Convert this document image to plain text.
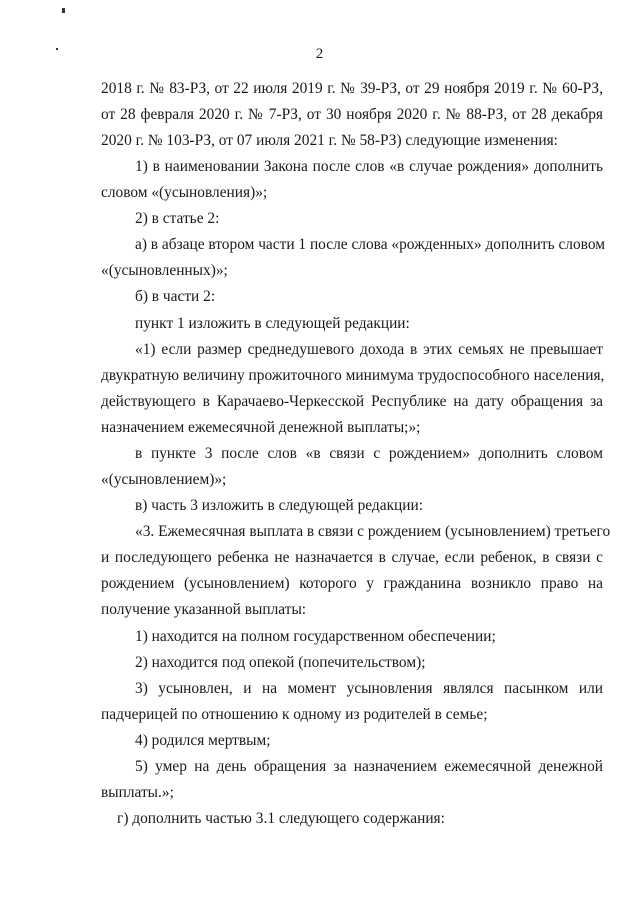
2
2018 г. № 83-РЗ, от 22 июля 2019 г. № 39-РЗ, от 29 ноября 2019 г. № 60-РЗ,
от 28 февраля 2020 г. № 7-РЗ, от 30 ноября 2020 г. № 88-РЗ, от 28 декабря
2020 г. № 103-РЗ, от 07 июля 2021 г. № 58-РЗ) следующие изменения:
1) в наименовании Закона после слов «в случае рождения» дополнить
словом «(усыновления)»;
2) в статье 2:
а) в абзаце втором части 1 после слова «рожденных» дополнить словом
«(усыновленных)»;
б) в части 2:
пункт 1 изложить в следующей редакции:
«1) если размер среднедушевого дохода в этих семьях не превышает
двукратную величину прожиточного минимума трудоспособного населения,
действующего в Карачаево-Черкесской Республике на дату обращения за
назначением ежемесячной денежной выплаты;»;
в пункте 3 после слов «в связи с рождением» дополнить словом
«(усыновлением)»;
в) часть 3 изложить в следующей редакции:
«3. Ежемесячная выплата в связи с рождением (усыновлением) третьего
и последующего ребенка не назначается в случае, если ребенок, в связи с
рождением (усыновлением) которого у гражданина возникло право на
получение указанной выплаты:
1) находится на полном государственном обеспечении;
2) находится под опекой (попечительством);
3) усыновлен, и на момент усыновления являлся пасынком или
падчерицей по отношению к одному из родителей в семье;
4) родился мертвым;
5) умер на день обращения за назначением ежемесячной денежной
выплаты.»;
г) дополнить частью 3.1 следующего содержания:
